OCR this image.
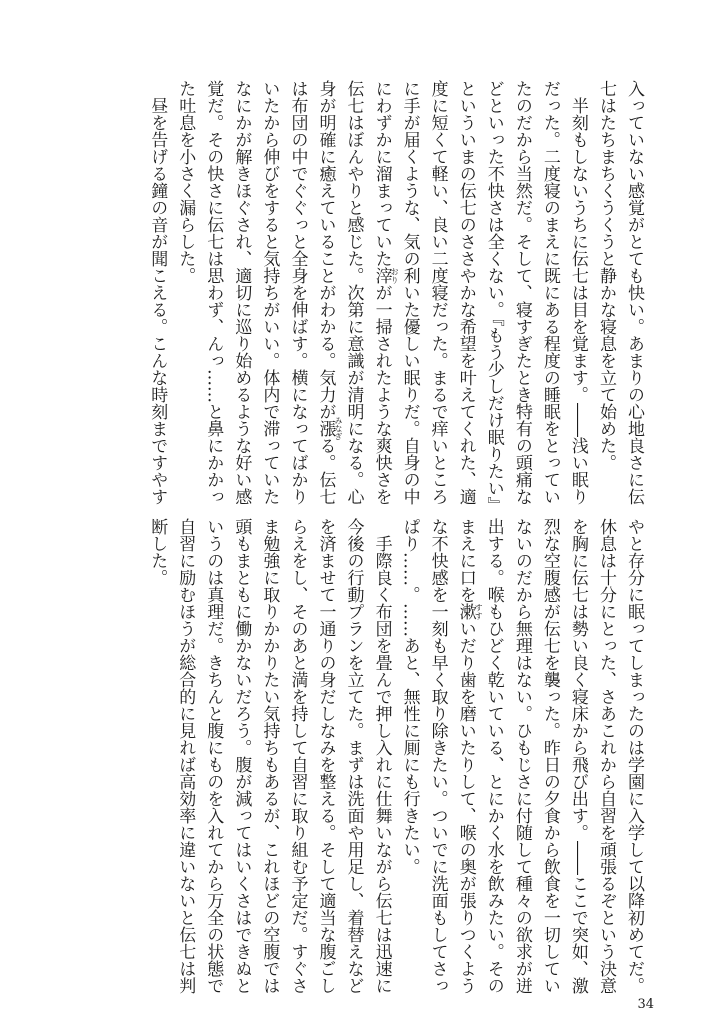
入っていない感覚がとても快い。あまりの心地良さに伝七はたちまちくうくうと静かな寝息を立て始めた。

　半刻もしないうちに伝七は目を覚ます。――浅い眠りだった。二度寝のまえに既にある程度の睡眠をとっていたのだから当然だ。そして、寝すぎたとき特有の頭痛などといった不快さは全くない。『もう少しだけ眠りたい』といういまの伝七のささやかな希望を叶えてくれた、適度に短くて軽い、良い二度寝だった。まるで痒いところに手が届くような、気の利いた優しい眠りだ。自身の中にわずかに溜まっていた滓おりが一掃されたような爽快さを伝七はぼんやりと感じた。次第に意識が清明になる。心身が明確に癒えていることがわかる。気力が漲みなぎる。伝七は布団の中でぐぐっと全身を伸ばす。横になってばかりいたから伸びをすると気持ちがいい。体内で滞っていたなにかが解きほぐされ、適切に巡り始めるような好い感覚だ。その快さに伝七は思わず、んっ……と鼻にかかった吐息を小さく漏らした。

　昼を告げる鐘の音が聞こえる。こんな時刻まですやす

やと存分に眠ってしまったのは学園に入学して以降初めてだ。休息は十分にとった、さあこれから自習を頑張るぞという決意を胸に伝七は勢い良く寝床から飛び出す。――ここで突如、激烈な空腹感が伝七を襲った。昨日の夕食から飲食を一切していないのだから無理はない。ひもじさに付随して種々の欲求が迸出する。喉もひどく乾いている、とにかく水を飲みたい。そのまえに口を漱すすいだり歯を磨いたりして、喉の奥が張りつくような不快感を一刻も早く取り除きたい。ついでに洗面もしてさっぱり……。……あと、無性に厠にも行きたい。

　手際良く布団を畳んで押し入れに仕舞いながら伝七は迅速に今後の行動プランを立てた。まずは洗面や用足し、着替えなどを済ませて一通りの身だしなみを整える。そして適当な腹ごしらえをし、そのあと満を持して自習に取り組む予定だ。すぐさま勉強に取りかかりたい気持ちもあるが、これほどの空腹では頭もまともに働かないだろう。腹が減ってはいくさはできぬというのは真理だ。きちんと腹にものを入れてから万全の状態で自習に励むほうが総合的に見れば高効率に違いないと伝七は判断した。

34
